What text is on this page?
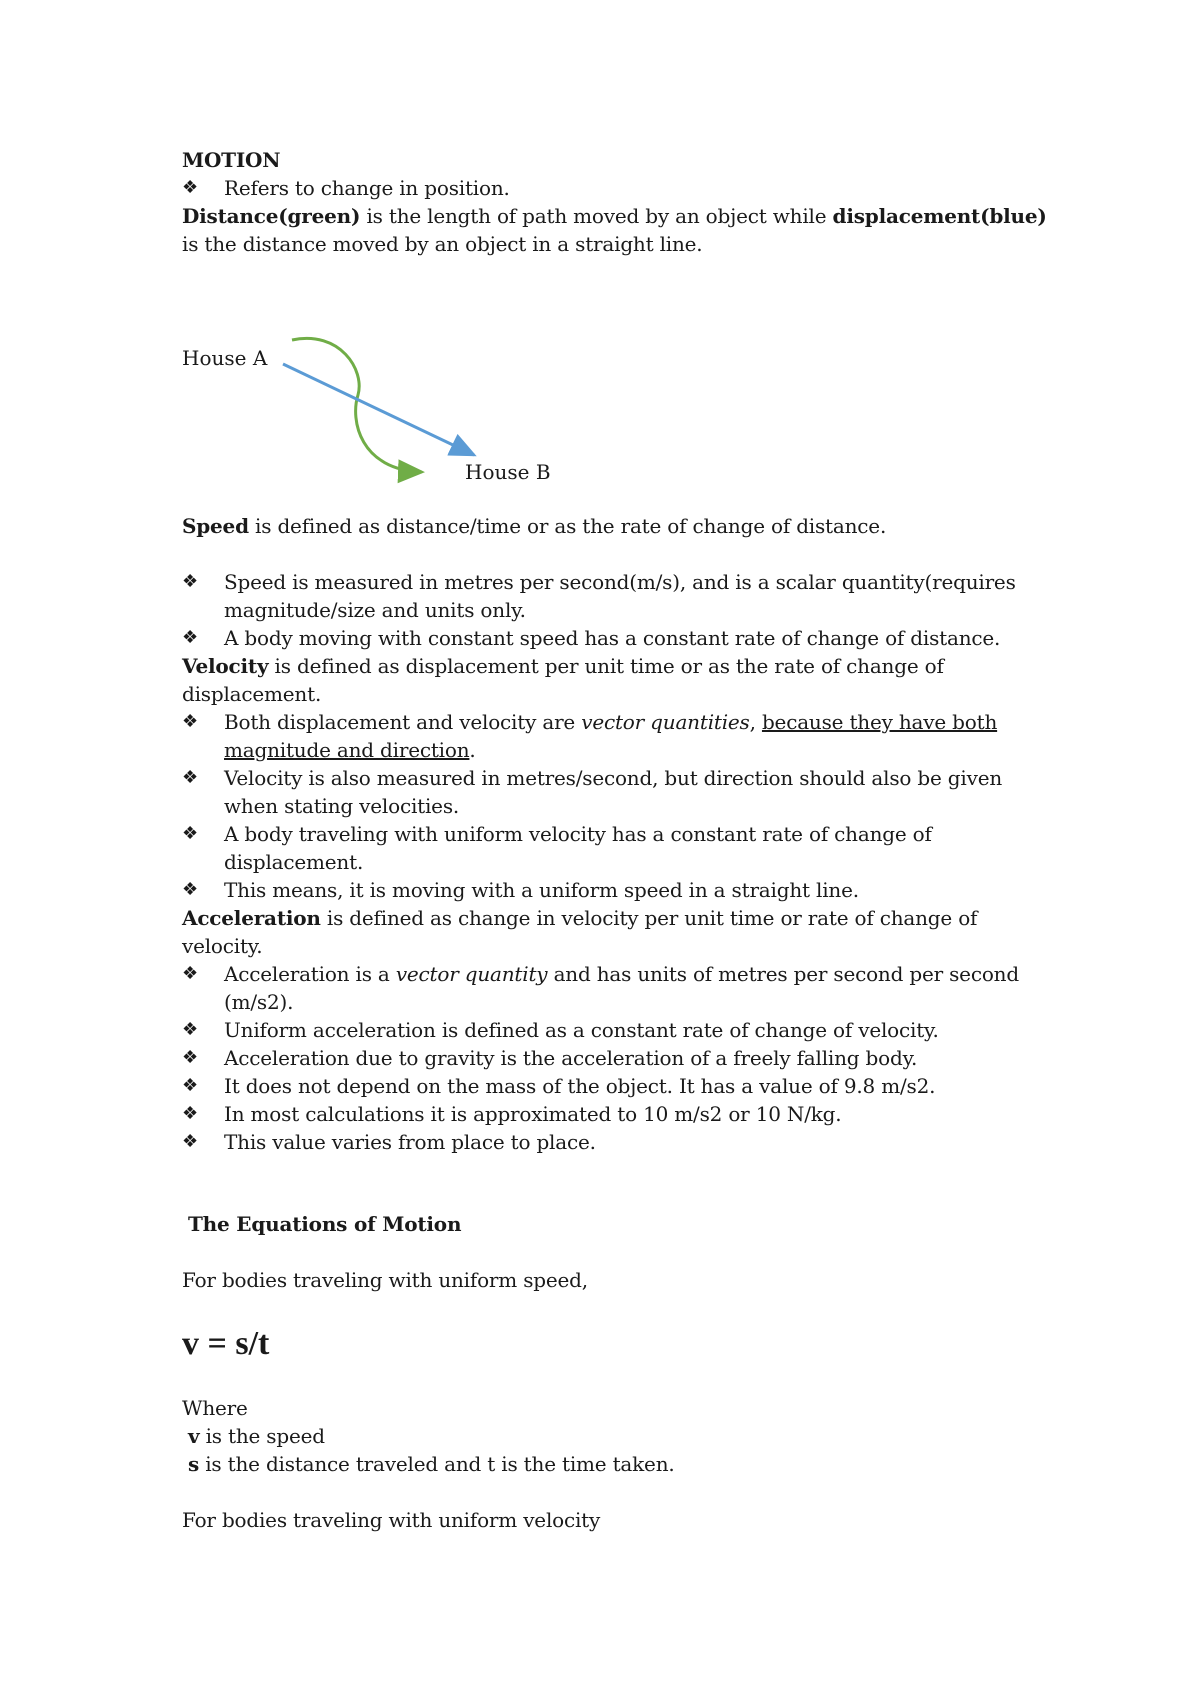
MOTION
❖ Refers to change in position.
Distance(green) is the length of path moved by an object while displacement(blue)
is the distance moved by an object in a straight line.
House A
House B
Speed is defined as distance/time or as the rate of change of distance.
❖ Speed is measured in metres per second(m/s), and is a scalar quantity(requires
magnitude/size and units only.
❖ A body moving with constant speed has a constant rate of change of distance.
Velocity is defined as displacement per unit time or as the rate of change of
displacement.
❖ Both displacement and velocity are vector quantities, because they have both
magnitude and direction.
❖ Velocity is also measured in metres/second, but direction should also be given
when stating velocities.
❖ A body traveling with uniform velocity has a constant rate of change of
displacement.
❖ This means, it is moving with a uniform speed in a straight line.
Acceleration is defined as change in velocity per unit time or rate of change of
velocity.
❖ Acceleration is a vector quantity and has units of metres per second per second
(m/s2).
❖ Uniform acceleration is defined as a constant rate of change of velocity.
❖ Acceleration due to gravity is the acceleration of a freely falling body.
❖ It does not depend on the mass of the object. It has a value of 9.8 m/s2.
❖ In most calculations it is approximated to 10 m/s2 or 10 N/kg.
❖ This value varies from place to place.
The Equations of Motion
For bodies traveling with uniform speed,
v = s/t
Where
v is the speed
s is the distance traveled and t is the time taken.
For bodies traveling with uniform velocity
